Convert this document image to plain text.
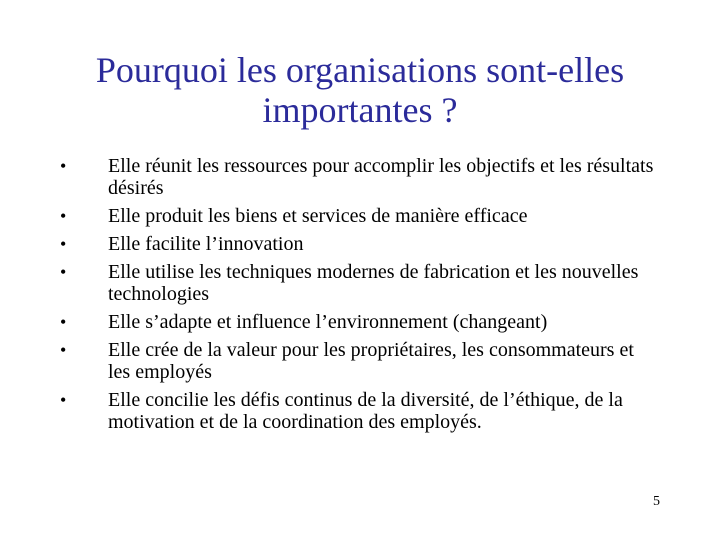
Pourquoi les organisations sont-elles importantes ?
•	Elle réunit les ressources pour accomplir les objectifs et les résultats désirés
•	Elle produit les biens et services de manière efficace
•	Elle facilite l’innovation
•	Elle utilise les techniques modernes de fabrication et les nouvelles technologies
•	Elle s’adapte et influence l’environnement (changeant)
•	Elle crée de la valeur pour les propriétaires, les consommateurs et les employés
•	Elle concilie les défis continus de la diversité, de l’éthique, de la motivation et de la coordination des employés.
5
